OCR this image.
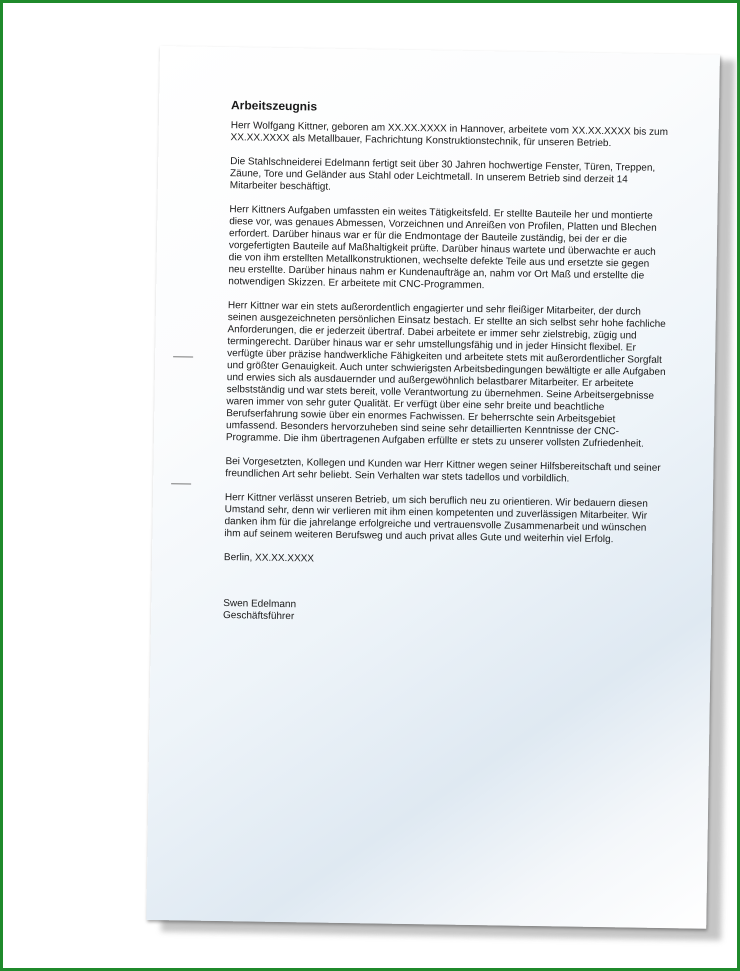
Arbeitszeugnis

Herr Wolfgang Kittner, geboren am XX.XX.XXXX in Hannover, arbeitete vom XX.XX.XXXX bis zum XX.XX.XXXX als Metallbauer, Fachrichtung Konstruktionstechnik, für unseren Betrieb.

Die Stahlschneiderei Edelmann fertigt seit über 30 Jahren hochwertige Fenster, Türen, Treppen, Zäune, Tore und Geländer aus Stahl oder Leichtmetall. In unserem Betrieb sind derzeit 14 Mitarbeiter beschäftigt.

Herr Kittners Aufgaben umfassten ein weites Tätigkeitsfeld. Er stellte Bauteile her und montierte diese vor, was genaues Abmessen, Vorzeichnen und Anreißen von Profilen, Platten und Blechen erfordert. Darüber hinaus war er für die Endmontage der Bauteile zuständig, bei der er die vorgefertigten Bauteile auf Maßhaltigkeit prüfte. Darüber hinaus wartete und überwachte er auch die von ihm erstellten Metallkonstruktionen, wechselte defekte Teile aus und ersetzte sie gegen neu erstellte. Darüber hinaus nahm er Kundenaufträge an, nahm vor Ort Maß und erstellte die notwendigen Skizzen. Er arbeitete mit CNC-Programmen.

Herr Kittner war ein stets außerordentlich engagierter und sehr fleißiger Mitarbeiter, der durch seinen ausgezeichneten persönlichen Einsatz bestach. Er stellte an sich selbst sehr hohe fachliche Anforderungen, die er jederzeit übertraf. Dabei arbeitete er immer sehr zielstrebig, zügig und termingerecht. Darüber hinaus war er sehr umstellungsfähig und in jeder Hinsicht flexibel. Er verfügte über präzise handwerkliche Fähigkeiten und arbeitete stets mit außerordentlicher Sorgfalt und größter Genauigkeit. Auch unter schwierigsten Arbeitsbedingungen bewältigte er alle Aufgaben und erwies sich als ausdauernder und außergewöhnlich belastbarer Mitarbeiter. Er arbeitete selbstständig und war stets bereit, volle Verantwortung zu übernehmen. Seine Arbeitsergebnisse waren immer von sehr guter Qualität. Er verfügt über eine sehr breite und beachtliche Berufserfahrung sowie über ein enormes Fachwissen. Er beherrschte sein Arbeitsgebiet umfassend. Besonders hervorzuheben sind seine sehr detaillierten Kenntnisse der CNC-Programme. Die ihm übertragenen Aufgaben erfüllte er stets zu unserer vollsten Zufriedenheit.

Bei Vorgesetzten, Kollegen und Kunden war Herr Kittner wegen seiner Hilfsbereitschaft und seiner freundlichen Art sehr beliebt. Sein Verhalten war stets tadellos und vorbildlich.

Herr Kittner verlässt unseren Betrieb, um sich beruflich neu zu orientieren. Wir bedauern diesen Umstand sehr, denn wir verlieren mit ihm einen kompetenten und zuverlässigen Mitarbeiter. Wir danken ihm für die jahrelange erfolgreiche und vertrauensvolle Zusammenarbeit und wünschen ihm auf seinem weiteren Berufsweg und auch privat alles Gute und weiterhin viel Erfolg.

Berlin, XX.XX.XXXX

Swen Edelmann

Geschäftsführer
